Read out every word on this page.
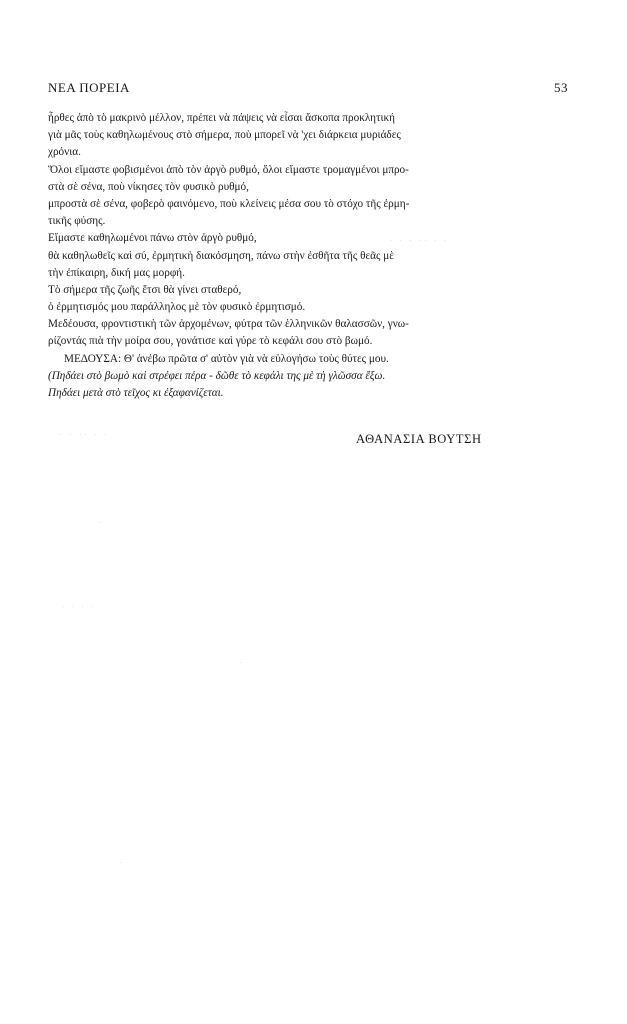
ΝΕΑ ΠΟΡΕΙΑ	53
ἦρθες ἀπὸ τὸ μακρινὸ μέλλον, πρέπει νὰ πάψεις νὰ εἶσαι ἄσκοπα προκλητική
γιὰ μᾶς τοὺς καθηλωμένους στὸ σήμερα, ποὺ μπορεῖ νὰ 'χει διάρκεια μυριάδες
χρόνια.
Ὅλοι εἴμαστε φοβισμένοι ἀπὸ τὸν ἀργὸ ρυθμό, ὅλοι εἴμαστε τρομαγμένοι μπρο-
στὰ σὲ σένα, ποὺ νίκησες τὸν φυσικὸ ρυθμό,
μπροστὰ σὲ σένα, φοβερὸ φαινόμενο, ποὺ κλείνεις μέσα σου τὸ στόχο τῆς ἐρμη-
τικῆς φύσης.
Εἴμαστε καθηλωμένοι πάνω στὸν ἀργὸ ρυθμό,
θὰ καθηλωθεῖς καὶ σύ, ἐρμητικὴ διακόσμηση, πάνω στὴν ἐσθῆτα τῆς θεᾶς μὲ
τὴν ἐπίκαιρη, δική μας μορφή.
Τὸ σήμερα τῆς ζωῆς ἔτσι θὰ γίνει σταθερό,
ὁ ἐρμητισμός μου παράλληλος μὲ τὸν φυσικὸ ἐρμητισμό.
Μεδέουσα, φροντιστικὴ τῶν ἀρχομένων, φύτρα τῶν ἑλληνικῶν θαλασσῶν, γνω-
ρίζοντάς πιὰ τὴν μοίρα σου, γονάτισε καὶ γύρε τὸ κεφάλι σου στὸ βωμό.
ΜΕΔΟΥΣΑ: Θ' ἀνέβω πρῶτα σ' αὐτὸν γιὰ νὰ εὐλογήσω τοὺς θύτες μου.
(Πηδάει στὸ βωμὸ καὶ στρέφει πέρα - δῶθε τὸ κεφάλι της μὲ τὴ γλῶσσα ἔξω.
Πηδάει μετὰ στὸ τεῖχος κι ἐξαφανίζεται.
ΑΘΑΝΑΣΙΑ ΒΟΥΤΣΗ
· · ·· · ·
· · · ·· · ·
·
· · · ·
·
·
